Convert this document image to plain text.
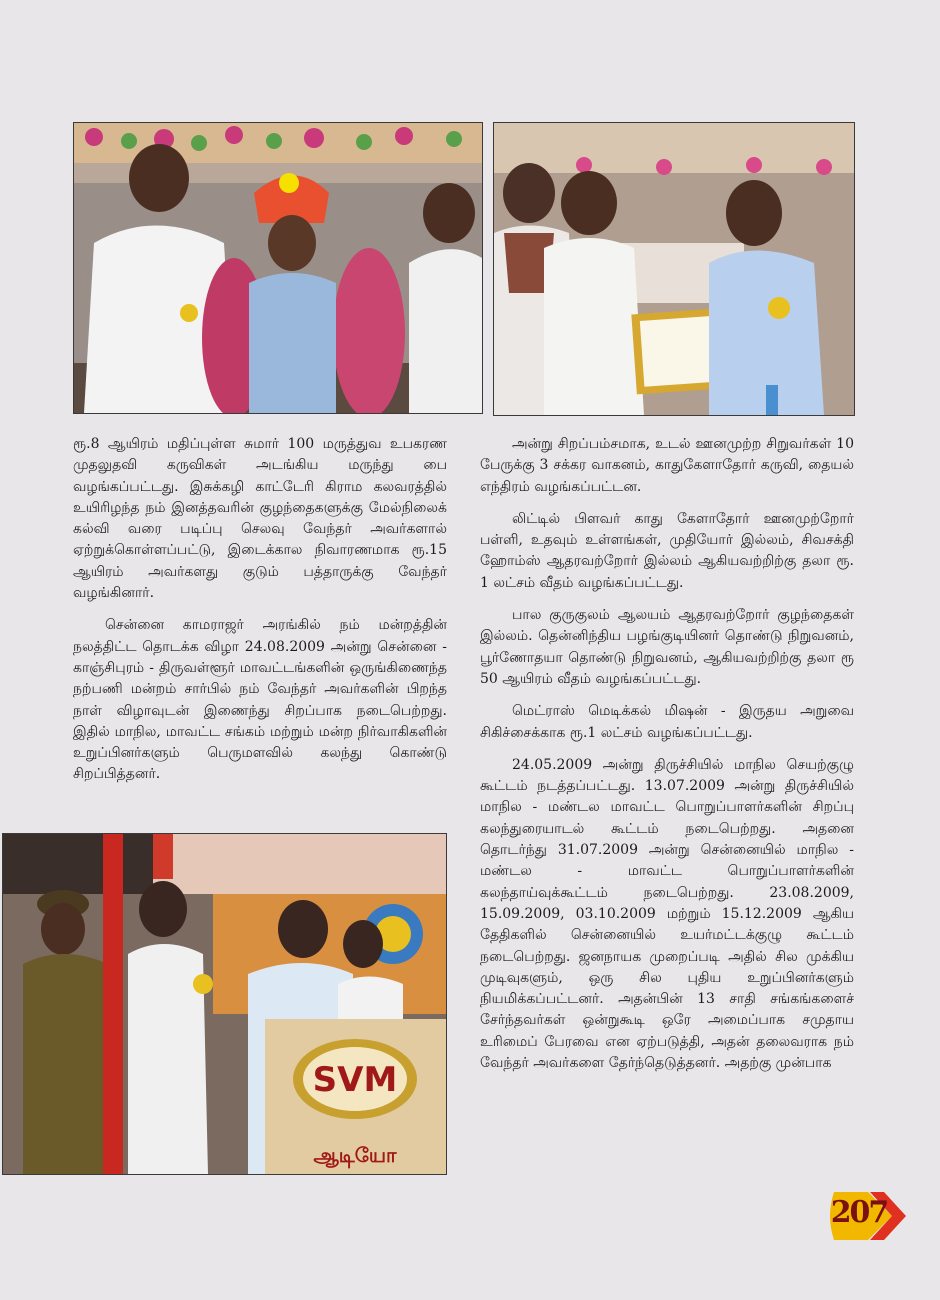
SVM
ஆடியோ

ரூ.8 ஆயிரம் மதிப்புள்ள சுமார் 100 மருத்துவ உபகரண முதலுதவி கருவிகள் அடங்கிய மருந்து பை வழங்கப்பட்டது. இசுக்கழி காட்டேரி கிராம கலவரத்தில் உயிரிழந்த நம் இனத்தவரின் குழந்தைகளுக்கு மேல்நிலைக் கல்வி வரை படிப்பு செலவு வேந்தர் அவர்களால் ஏற்றுக்கொள்ளப்பட்டு, இடைக்கால நிவாரணமாக ரூ.15 ஆயிரம் அவர்களது குடும் பத்தாருக்கு வேந்தர் வழங்கினார்.

சென்னை காமராஜர் அரங்கில் நம் மன்றத்தின் நலத்திட்ட தொடக்க விழா 24.08.2009 அன்று சென்னை - காஞ்சிபுரம் - திருவள்ளூர் மாவட்டங்களின் ஒருங்கிணைந்த நற்பணி மன்றம் சார்பில் நம் வேந்தர் அவர்களின் பிறந்த நாள் விழாவுடன் இணைந்து சிறப்பாக நடைபெற்றது. இதில் மாநில, மாவட்ட சங்கம் மற்றும் மன்ற நிர்வாகிகளின் உறுப்பினர்களும் பெருமளவில் கலந்து கொண்டு சிறப்பித்தனர்.

அன்று சிறப்பம்சமாக, உடல் ஊனமுற்ற சிறுவர்கள் 10 பேருக்கு 3 சக்கர வாகனம், காதுகேளாதோர் கருவி, தையல் எந்திரம் வழங்கப்பட்டன.

லிட்டில் பிளவர் காது கேளாதோர் ஊனமுற்றோர் பள்ளி, உதவும் உள்ளங்கள், முதியோர் இல்லம், சிவசக்தி ஹோம்ஸ் ஆதரவற்றோர் இல்லம் ஆகியவற்றிற்கு தலா ரூ. 1 லட்சம் வீதம் வழங்கப்பட்டது.

பால குருகுலம் ஆலயம் ஆதரவற்றோர் குழந்தைகள் இல்லம். தென்னிந்திய பழங்குடியினர் தொண்டு நிறுவனம், பூர்ணோதயா தொண்டு நிறுவனம், ஆகியவற்றிற்கு தலா ரூ 50 ஆயிரம் வீதம் வழங்கப்பட்டது.

மெட்ராஸ் மெடிக்கல் மிஷன் - இருதய அறுவை சிகிச்சைக்காக ரூ.1 லட்சம் வழங்கப்பட்டது.

24.05.2009 அன்று திருச்சியில் மாநில செயற்குழு கூட்டம் நடத்தப்பட்டது. 13.07.2009 அன்று திருச்சியில் மாநில - மண்டல மாவட்ட பொறுப்பாளர்களின் சிறப்பு கலந்துரையாடல் கூட்டம் நடைபெற்றது. அதனை தொடர்ந்து 31.07.2009 அன்று சென்னையில் மாநில - மண்டல - மாவட்ட பொறுப்பாளர்களின் கலந்தாய்வுக்கூட்டம் நடைபெற்றது. 23.08.2009, 15.09.2009, 03.10.2009 மற்றும் 15.12.2009 ஆகிய தேதிகளில் சென்னையில் உயர்மட்டக்குழு கூட்டம் நடைபெற்றது. ஜனநாயக முறைப்படி அதில் சில முக்கிய முடிவுகளும், ஒரு சில புதிய உறுப்பினர்களும் நியமிக்கப்பட்டனர். அதன்பின் 13 சாதி சங்கங்களைச் சேர்ந்தவர்கள் ஒன்றுகூடி ஒரே அமைப்பாக சமுதாய உரிமைப் பேரவை என ஏற்படுத்தி, அதன் தலைவராக நம் வேந்தர் அவர்களை தேர்ந்தெடுத்தனர். அதற்கு முன்பாக

207
